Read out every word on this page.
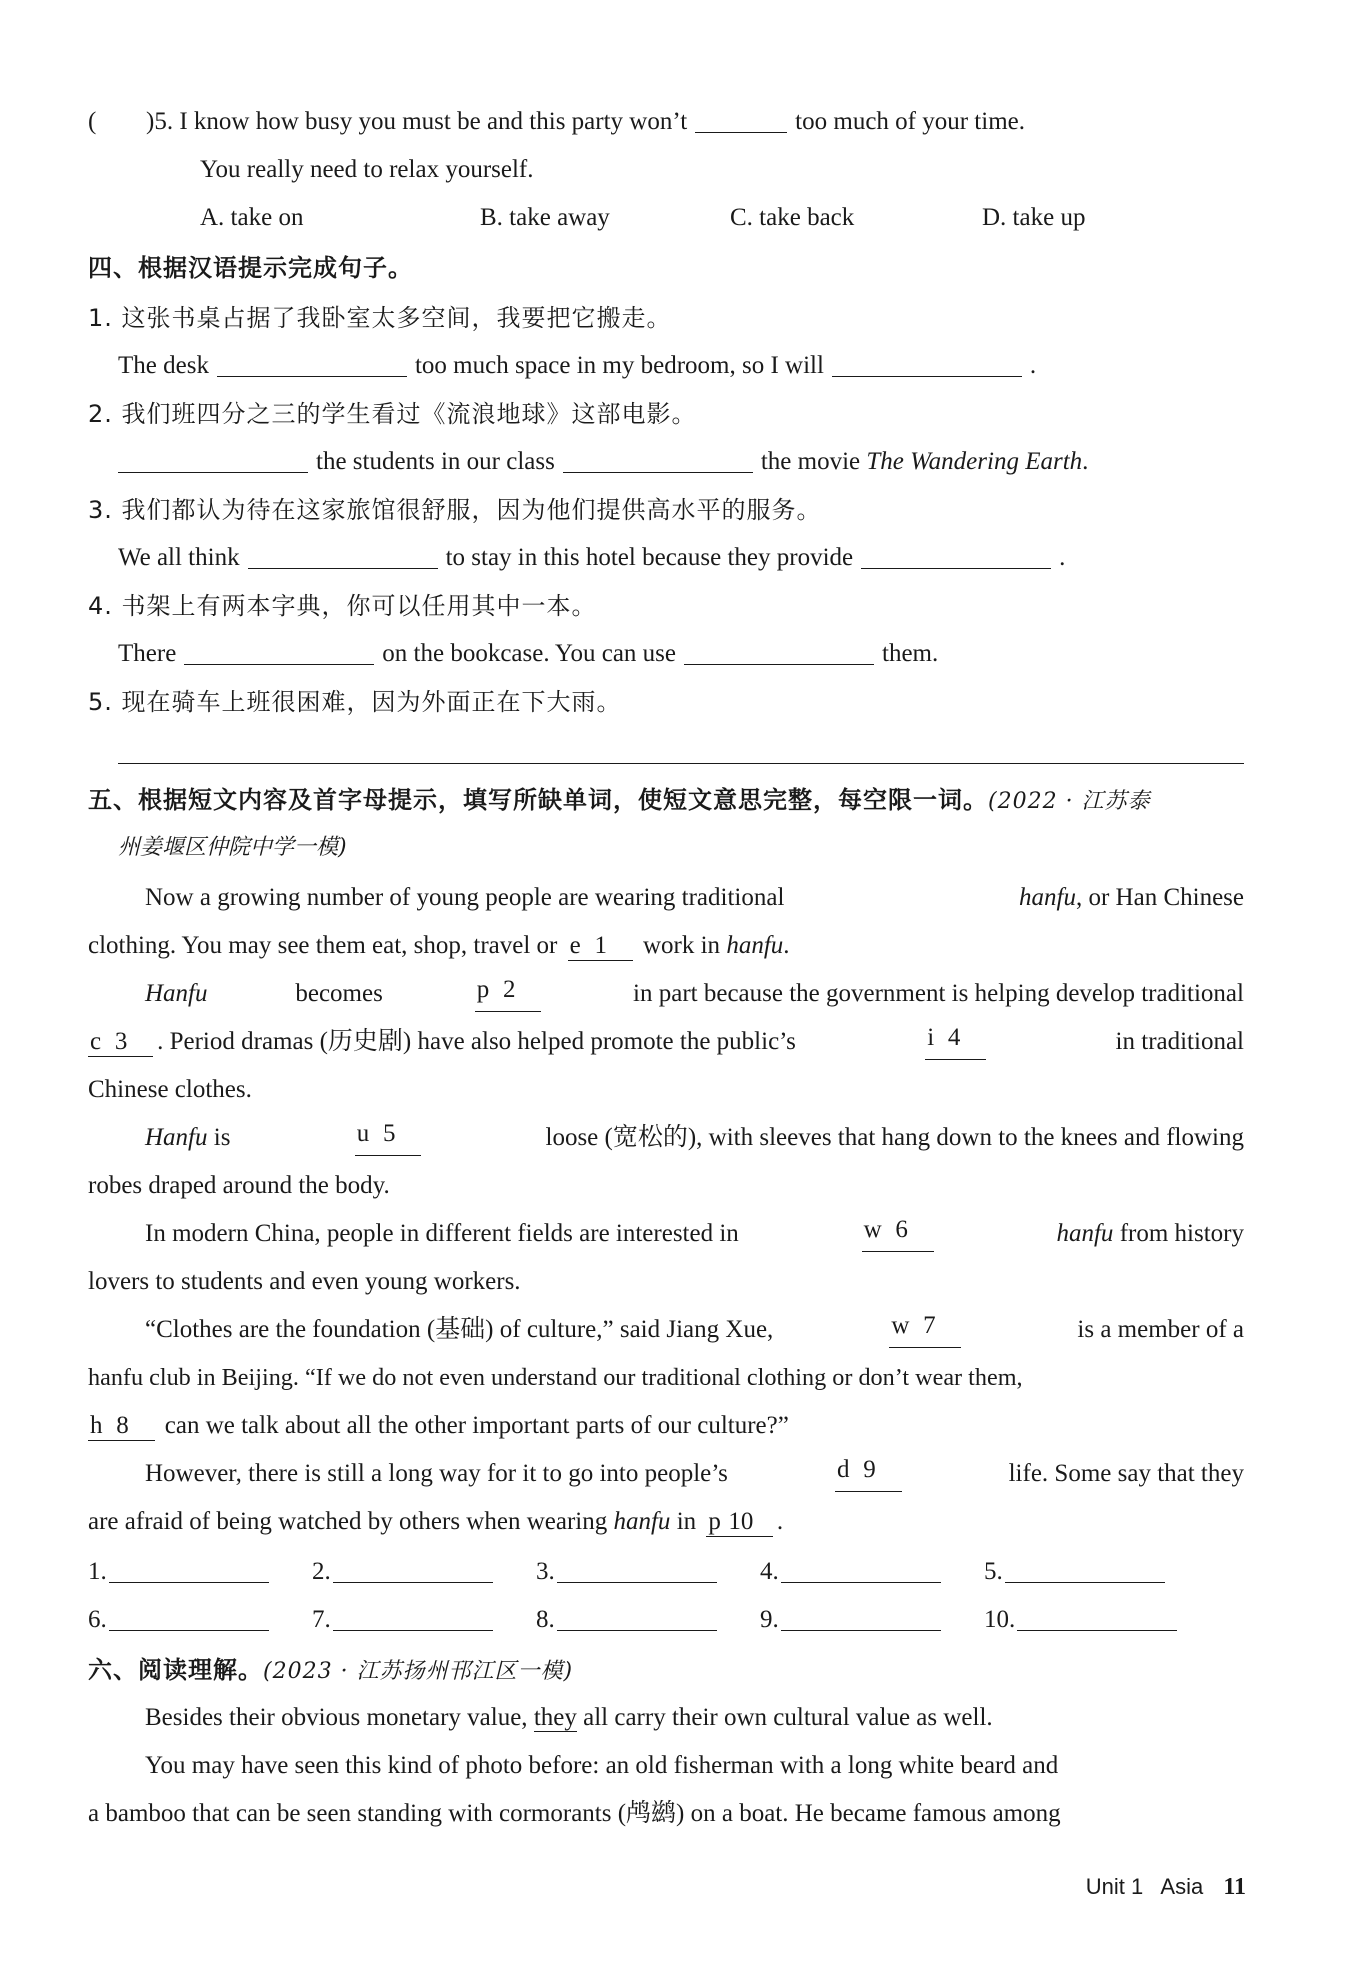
( )5. I know how busy you must be and this party won’t	too much of your time.
You really need to relax yourself.
A. take on	B. take away	C. take back	D. take up
四、根据汉语提示完成句子。
1. 这张书桌占据了我卧室太多空间，我要把它搬走。
The desk	too much space in my bedroom, so I will	.
2. 我们班四分之三的学生看过《流浪地球》这部电影。
the students in our class	the movie The Wandering Earth.
3. 我们都认为待在这家旅馆很舒服，因为他们提供高水平的服务。
We all think	to stay in this hotel because they provide	.
4. 书架上有两本字典，你可以任用其中一本。
There	on the bookcase. You can use	them.
5. 现在骑车上班很困难，因为外面正在下大雨。
五、根据短文内容及首字母提示，填写所缺单词，使短文意思完整，每空限一词。(2022 · 江苏泰
州姜堰区仲院中学一模)
Now a growing number of young people are wearing traditional	hanfu, or Han Chinese
clothing. You may see them eat, shop, travel or e 1 work in hanfu.
Hanfu	becomes	p 2	in part because the government is helping develop traditional
c 3 . Period dramas (历史剧) have also helped promote the public’s	i 4	in traditional
Chinese clothes.
Hanfu is	u 5	loose (宽松的), with sleeves that hang down to the knees and flowing
robes draped around the body.
In modern China, people in different fields are interested in	w 6	hanfu from history
lovers to students and even young workers.
“Clothes are the foundation (基础) of culture,” said Jiang Xue,	w 7	is a member of a
hanfu club in Beijing. “If we do not even understand our traditional clothing or don’t wear them,
h 8 can we talk about all the other important parts of our culture?”
However, there is still a long way for it to go into people’s	d 9	life. Some say that they
are afraid of being watched by others when wearing hanfu in p 10 .
1.	2.	3.	4.	5.
6.	7.	8.	9.	10.
六、阅读理解。(2023 · 江苏扬州邗江区一模)
Besides their obvious monetary value, they all carry their own cultural value as well.
You may have seen this kind of photo before: an old fisherman with a long white beard and
a bamboo that can be seen standing with cormorants (鸬鹚) on a boat. He became famous among
Unit 1 Asia 11
